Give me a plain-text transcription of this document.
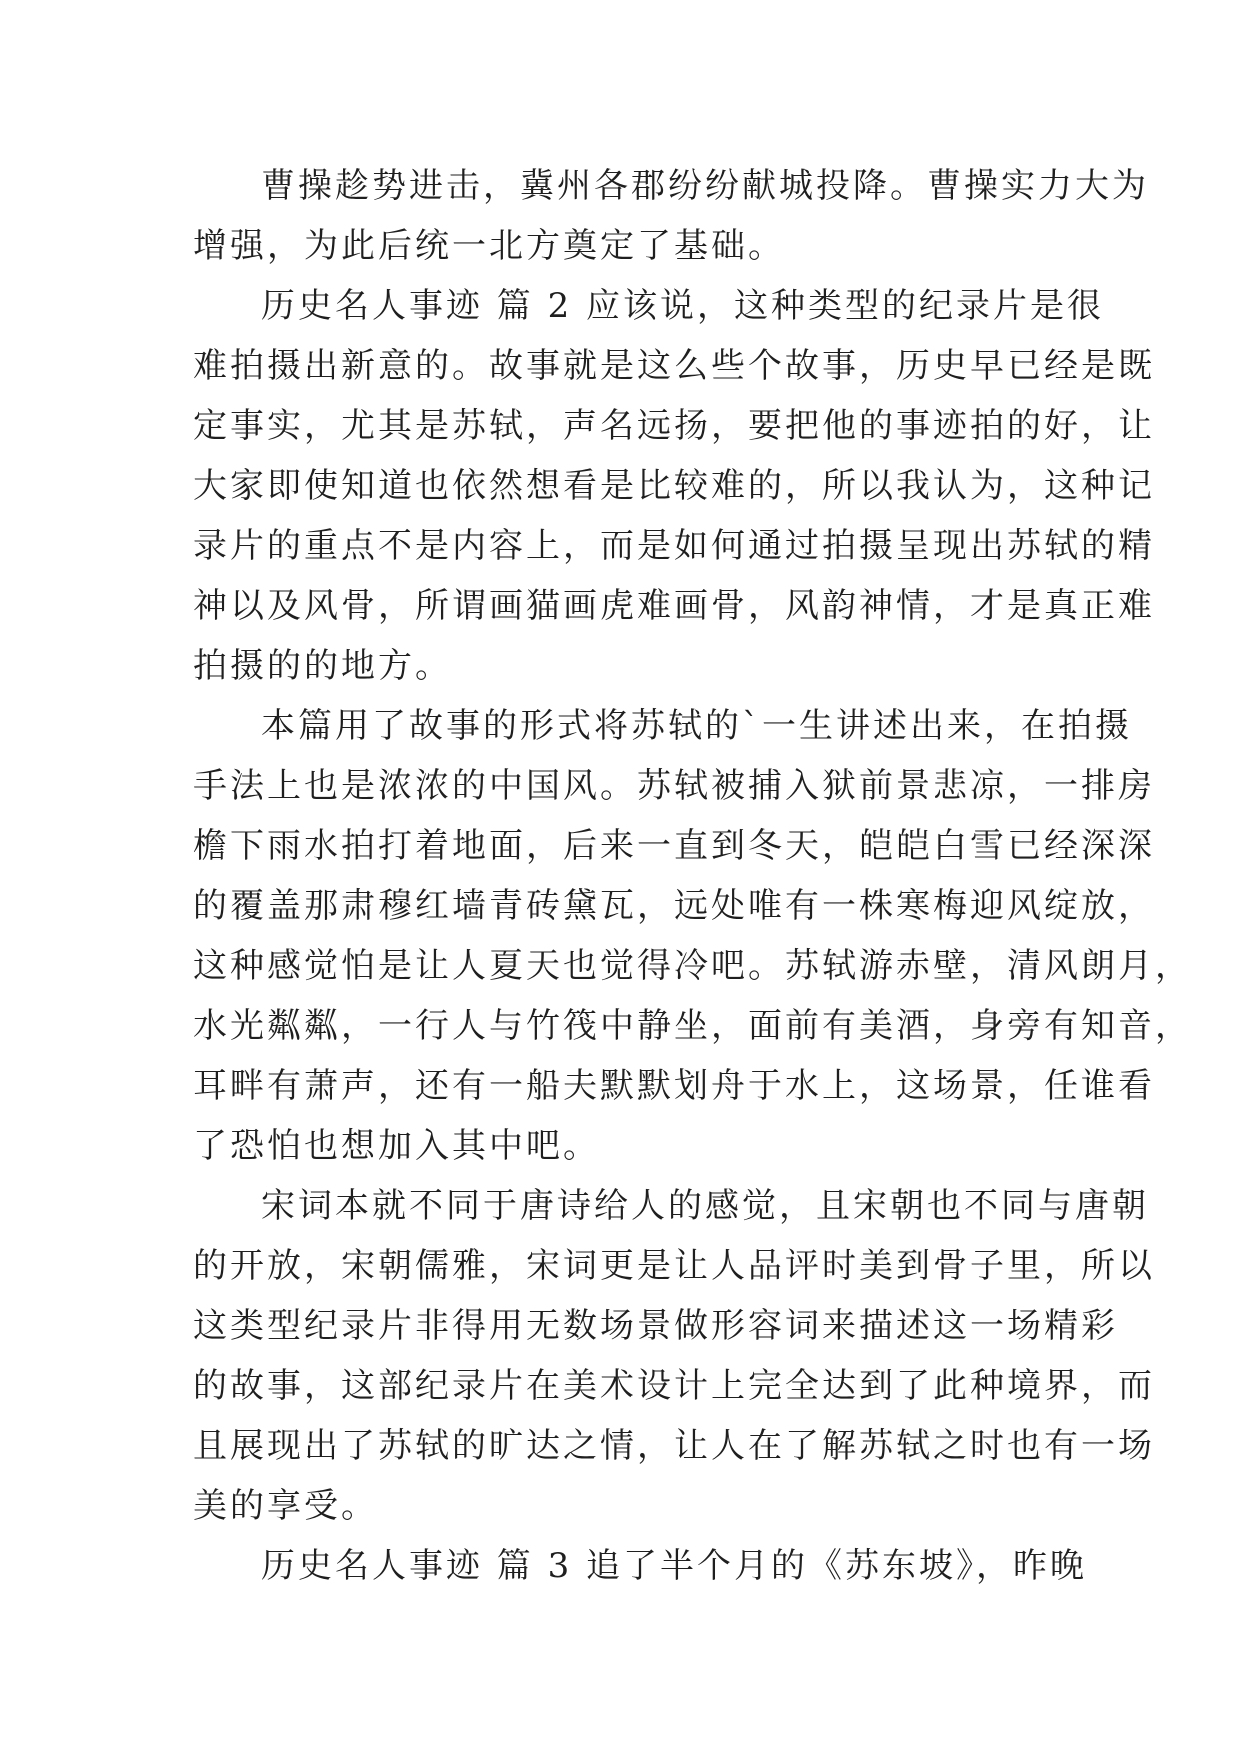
曹操趁势进击，冀州各郡纷纷献城投降。曹操实力大为
增强，为此后统一北方奠定了基础。
历史名人事迹 篇 2 应该说，这种类型的纪录片是很
难拍摄出新意的。故事就是这么些个故事，历史早已经是既
定事实，尤其是苏轼，声名远扬，要把他的事迹拍的好，让
大家即使知道也依然想看是比较难的，所以我认为，这种记
录片的重点不是内容上，而是如何通过拍摄呈现出苏轼的精
神以及风骨，所谓画猫画虎难画骨，风韵神情，才是真正难
拍摄的的地方。
本篇用了故事的形式将苏轼的`一生讲述出来，在拍摄
手法上也是浓浓的中国风。苏轼被捕入狱前景悲凉，一排房
檐下雨水拍打着地面，后来一直到冬天，皑皑白雪已经深深
的覆盖那肃穆红墙青砖黛瓦，远处唯有一株寒梅迎风绽放，
这种感觉怕是让人夏天也觉得冷吧。苏轼游赤壁，清风朗月，
水光粼粼，一行人与竹筏中静坐，面前有美酒，身旁有知音，
耳畔有萧声，还有一船夫默默划舟于水上，这场景，任谁看
了恐怕也想加入其中吧。
宋词本就不同于唐诗给人的感觉，且宋朝也不同与唐朝
的开放，宋朝儒雅，宋词更是让人品评时美到骨子里，所以
这类型纪录片非得用无数场景做形容词来描述这一场精彩
的故事，这部纪录片在美术设计上完全达到了此种境界，而
且展现出了苏轼的旷达之情，让人在了解苏轼之时也有一场
美的享受。
历史名人事迹 篇 3 追了半个月的《苏东坡》，昨晚
